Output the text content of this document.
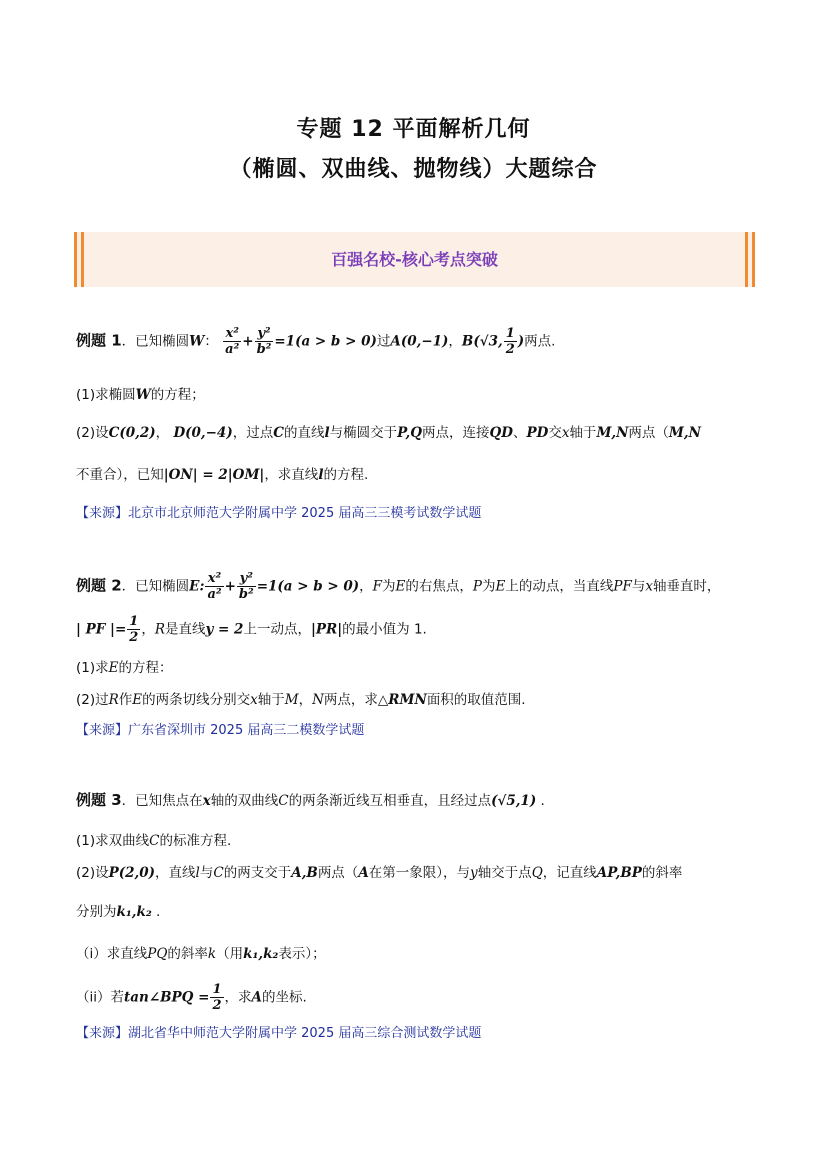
专题 12 平面解析几何
（椭圆、双曲线、抛物线）大题综合
百强名校-核心考点突破
例题 1．已知椭圆W： $\frac{\text{x²}}{\text{a²}} + \frac{\text{y²}}{\text{b²}} =1(a > b > 0)$过A(0,−1)，B(√3, $\frac{1}{2}$ )两点.
(1)求椭圆W的方程；
(2)设C(0,2)， D(0,−4)，过点C的直线l与椭圆交于P,Q两点，连接QD、PD交x轴于M,N两点（M,N
不重合），已知|ON| = 2|OM|，求直线l的方程.
【来源】北京市北京师范大学附属中学 2025 届高三三模考试数学试题
例题 2．已知椭圆E: $\frac{\text{x²}}{\text{a²}} + \frac{\text{y²}}{\text{b²}} =1(a > b > 0)$，F为E的右焦点，P为E上的动点，当直线PF与x轴垂直时，
| PF |= $\frac{1}{2}$ ，R是直线y = 2上一动点，|PR|的最小值为 1.
(1)求E的方程：
(2)过R作E的两条切线分别交x轴于M，N两点，求△RMN面积的取值范围.
【来源】广东省深圳市 2025 届高三二模数学试题
例题 3．已知焦点在x轴的双曲线C的两条渐近线互相垂直，且经过点(√5,1) .
(1)求双曲线C的标准方程.
(2)设P(2,0)，直线l与C的两支交于A,B两点（A在第一象限），与y轴交于点Q，记直线AP,BP的斜率
分别为k₁,k₂ .
（i）求直线PQ的斜率k（用k₁,k₂表示）；
（ii）若tan∠BPQ = $\frac{1}{2}$ ，求A的坐标.
【来源】湖北省华中师范大学附属中学 2025 届高三综合测试数学试题
